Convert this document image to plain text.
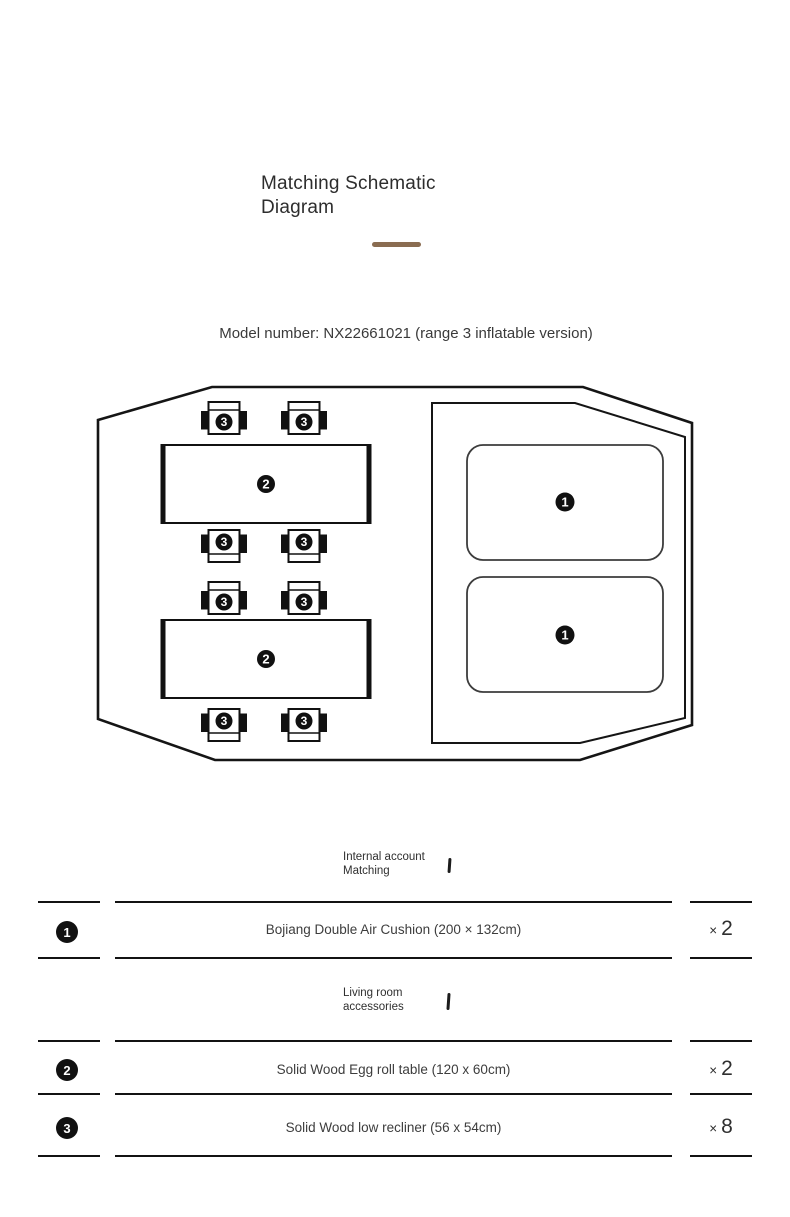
Matching Schematic
Diagram
Model number: NX22661021 (range 3 inflatable version)
1
1
2
2
3	3
3	3
3	3
3	3
Internal account
Matching
1	Bojiang Double Air Cushion (200 × 132cm)	× 2
Living room
accessories
2	Solid Wood Egg roll table (120 x 60cm)	× 2
3	Solid Wood low recliner (56 x 54cm)	× 8
